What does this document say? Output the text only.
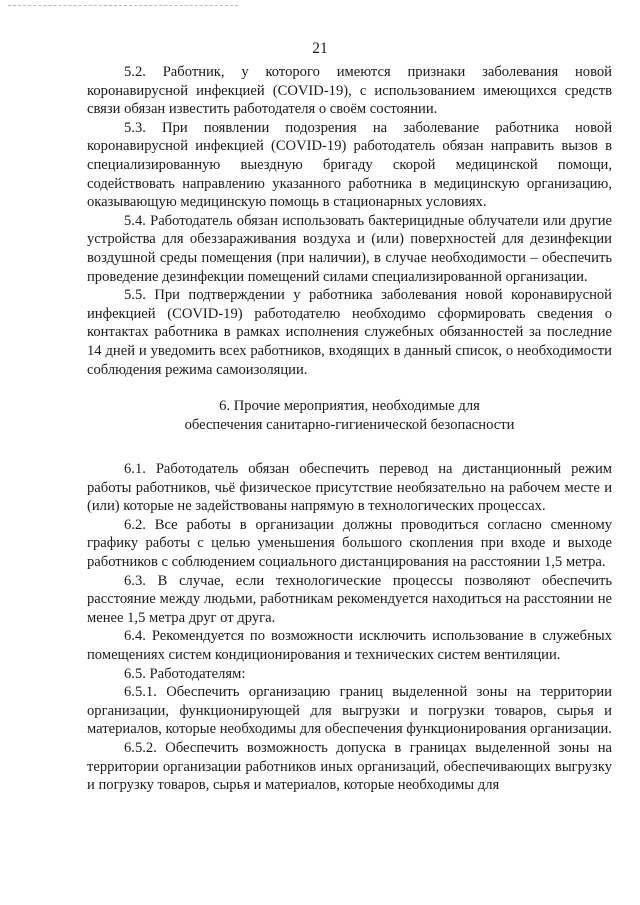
21

5.2. Работник, у которого имеются признаки заболевания новой коронавирусной инфекцией (COVID-19), с использованием имеющихся средств связи обязан известить работодателя о своём состоянии.

5.3. При появлении подозрения на заболевание работника новой коронавирусной инфекцией (COVID-19) работодатель обязан направить вызов в специализированную выездную бригаду скорой медицинской помощи, содействовать направлению указанного работника в медицинскую организацию, оказывающую медицинскую помощь в стационарных условиях.

5.4. Работодатель обязан использовать бактерицидные облучатели или другие устройства для обеззараживания воздуха и (или) поверхностей для дезинфекции воздушной среды помещения (при наличии), в случае необходимости – обеспечить проведение дезинфекции помещений силами специализированной организации.

5.5. При подтверждении у работника заболевания новой коронавирусной инфекцией (COVID-19) работодателю необходимо сформировать сведения о контактах работника в рамках исполнения служебных обязанностей за последние 14 дней и уведомить всех работников, входящих в данный список, о необходимости соблюдения режима самоизоляции.

6. Прочие мероприятия, необходимые для
обеспечения санитарно-гигиенической безопасности

6.1. Работодатель обязан обеспечить перевод на дистанционный режим работы работников, чьё физическое присутствие необязательно на рабочем месте и (или) которые не задействованы напрямую в технологических процессах.

6.2. Все работы в организации должны проводиться согласно сменному графику работы с целью уменьшения большого скопления при входе и выходе работников с соблюдением социального дистанцирования на расстоянии 1,5 метра.

6.3. В случае, если технологические процессы позволяют обеспечить расстояние между людьми, работникам рекомендуется находиться на расстоянии не менее 1,5 метра друг от друга.

6.4. Рекомендуется по возможности исключить использование в служебных помещениях систем кондиционирования и технических систем вентиляции.

6.5. Работодателям:

6.5.1. Обеспечить организацию границ выделенной зоны на территории организации, функционирующей для выгрузки и погрузки товаров, сырья и материалов, которые необходимы для обеспечения функционирования организации.

6.5.2. Обеспечить возможность допуска в границах выделенной зоны на территории организации работников иных организаций, обеспечивающих выгрузку и погрузку товаров, сырья и материалов, которые необходимы для
